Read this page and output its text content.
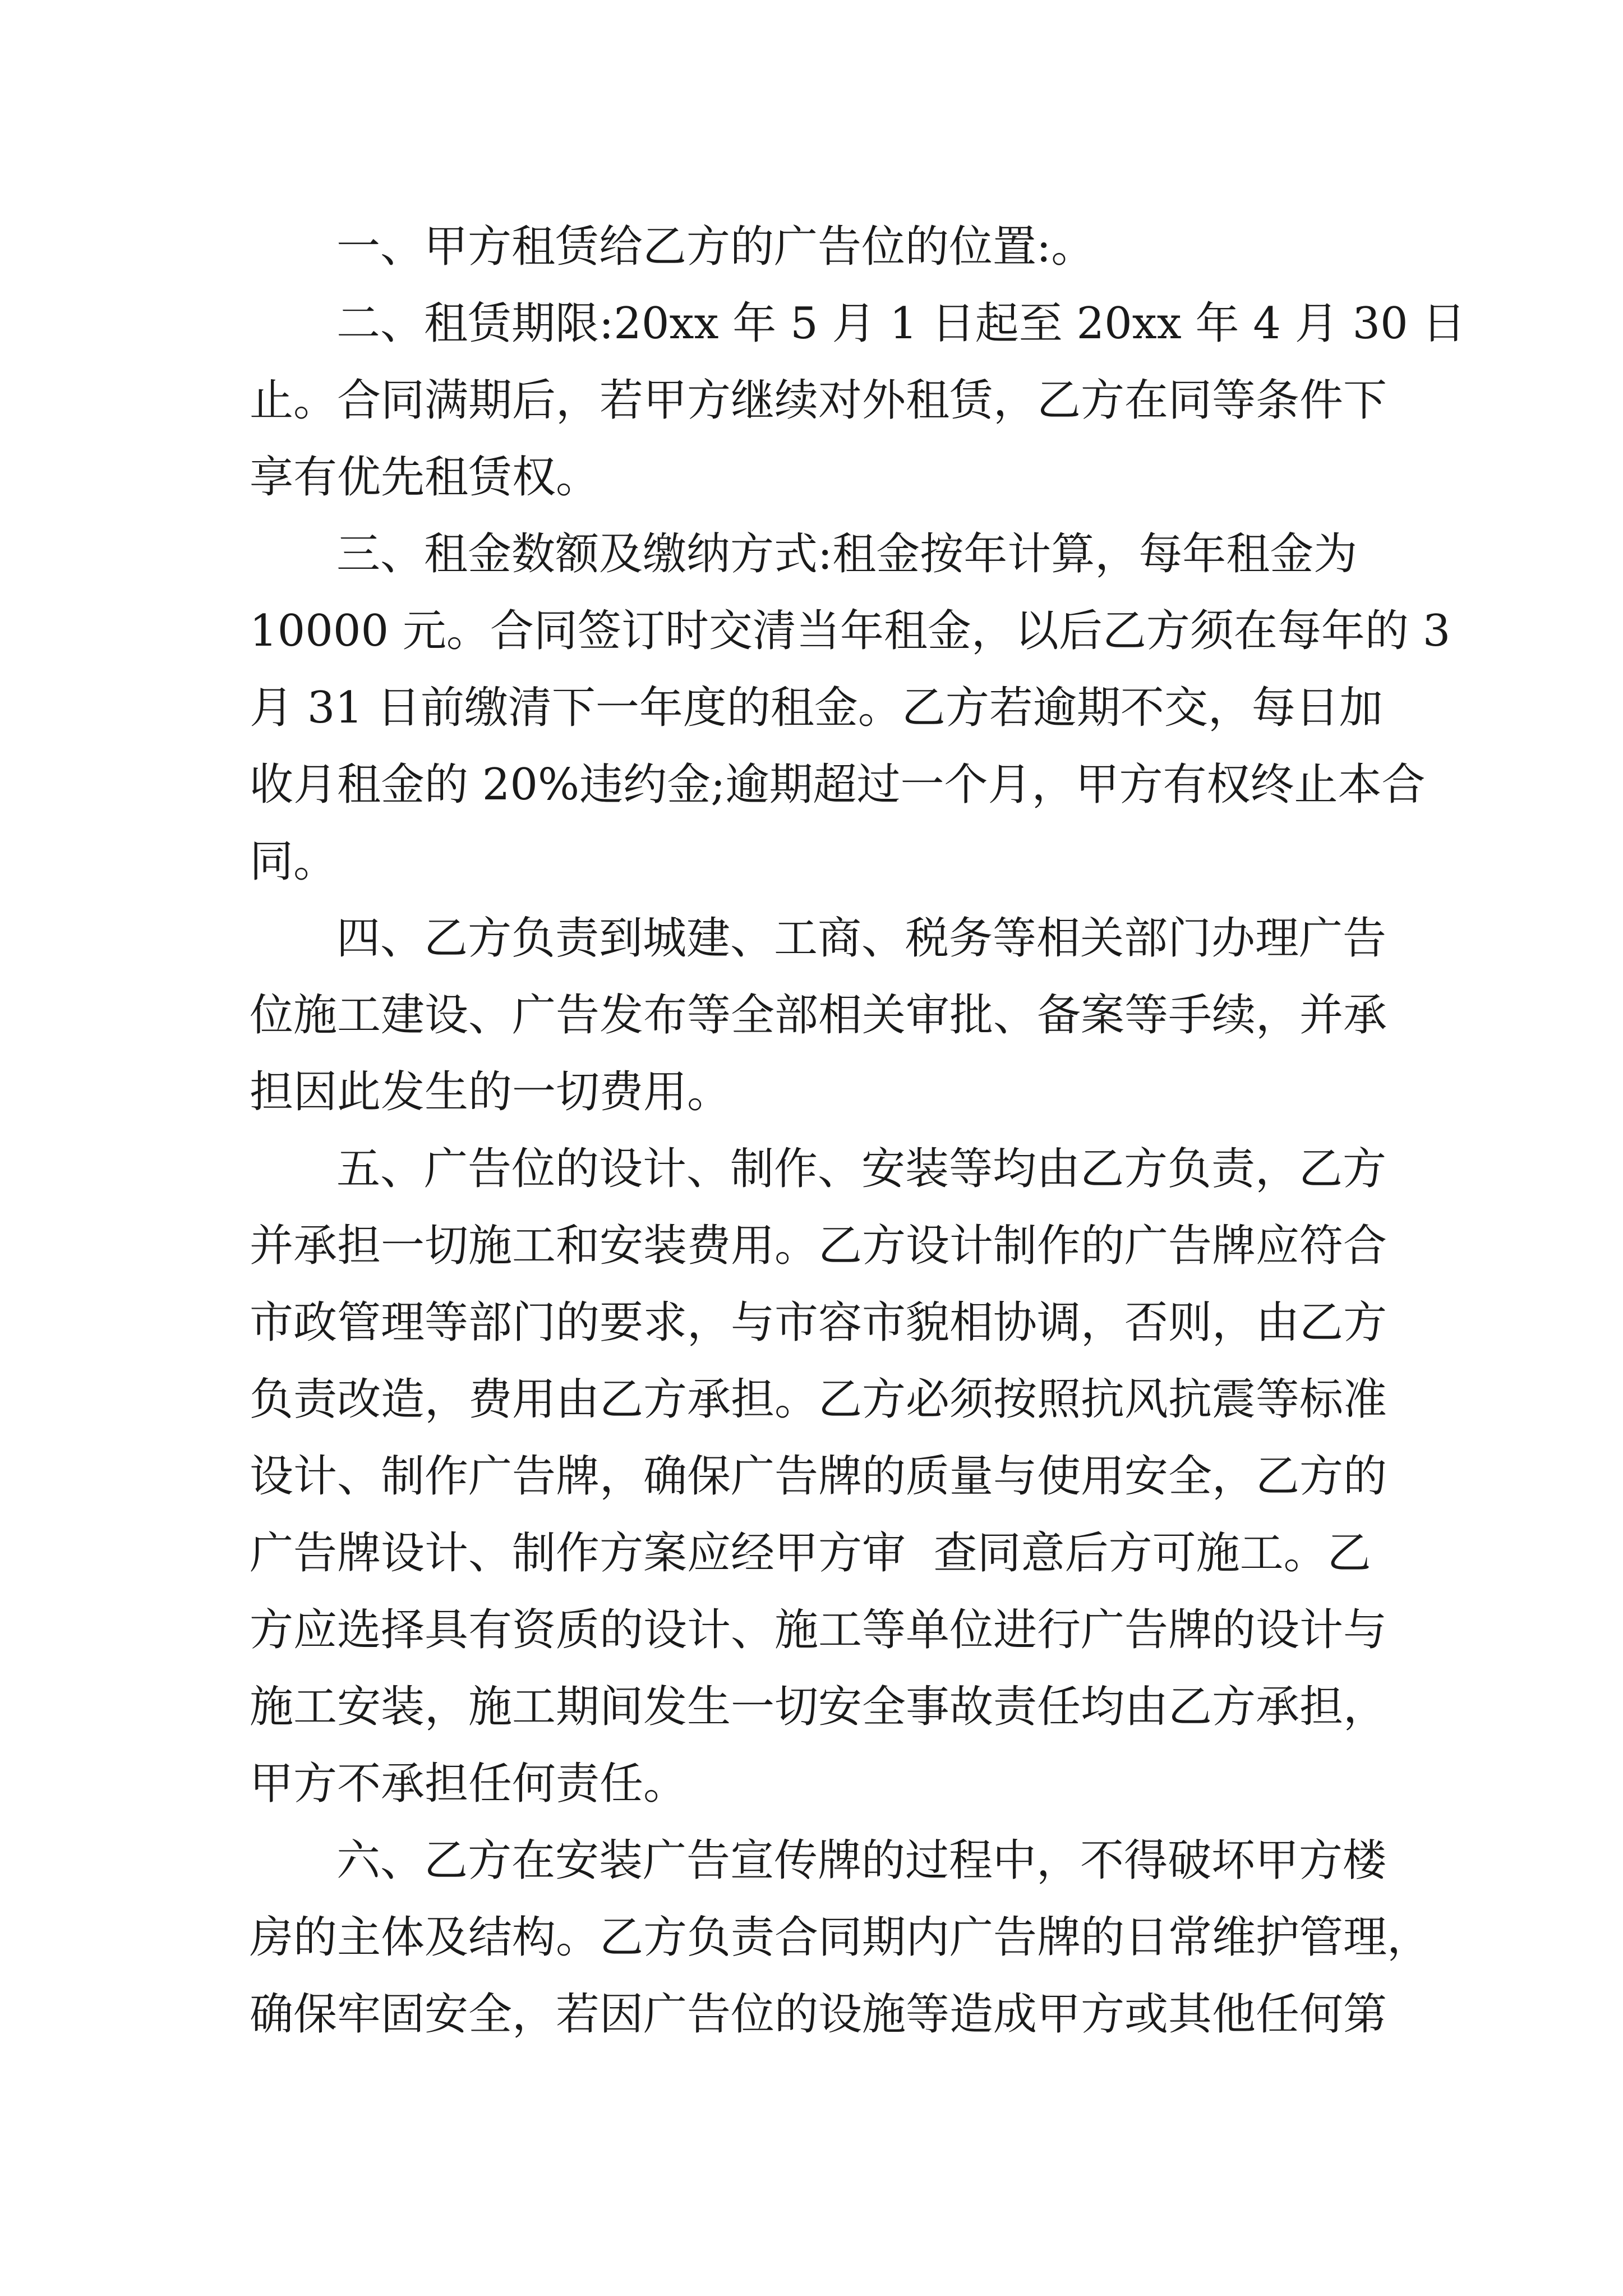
一、甲方租赁给乙方的广告位的位置:。
二、租赁期限:20xx 年 5 月 1 日起至 20xx 年 4 月 30 日
止。合同满期后，若甲方继续对外租赁，乙方在同等条件下
享有优先租赁权。
三、租金数额及缴纳方式:租金按年计算，每年租金为
10000 元。合同签订时交清当年租金，以后乙方须在每年的 3
月 31 日前缴清下一年度的租金。乙方若逾期不交，每日加
收月租金的 20%违约金;逾期超过一个月，甲方有权终止本合
同。
四、乙方负责到城建、工商、税务等相关部门办理广告
位施工建设、广告发布等全部相关审批、备案等手续，并承
担因此发生的一切费用。
五、广告位的设计、制作、安装等均由乙方负责，乙方
并承担一切施工和安装费用。乙方设计制作的广告牌应符合
市政管理等部门的要求，与市容市貌相协调，否则，由乙方
负责改造，费用由乙方承担。乙方必须按照抗风抗震等标准
设计、制作广告牌，确保广告牌的质量与使用安全，乙方的
广告牌设计、制作方案应经甲方审  查同意后方可施工。乙
方应选择具有资质的设计、施工等单位进行广告牌的设计与
施工安装，施工期间发生一切安全事故责任均由乙方承担，
甲方不承担任何责任。
六、乙方在安装广告宣传牌的过程中，不得破坏甲方楼
房的主体及结构。乙方负责合同期内广告牌的日常维护管理，
确保牢固安全，若因广告位的设施等造成甲方或其他任何第
